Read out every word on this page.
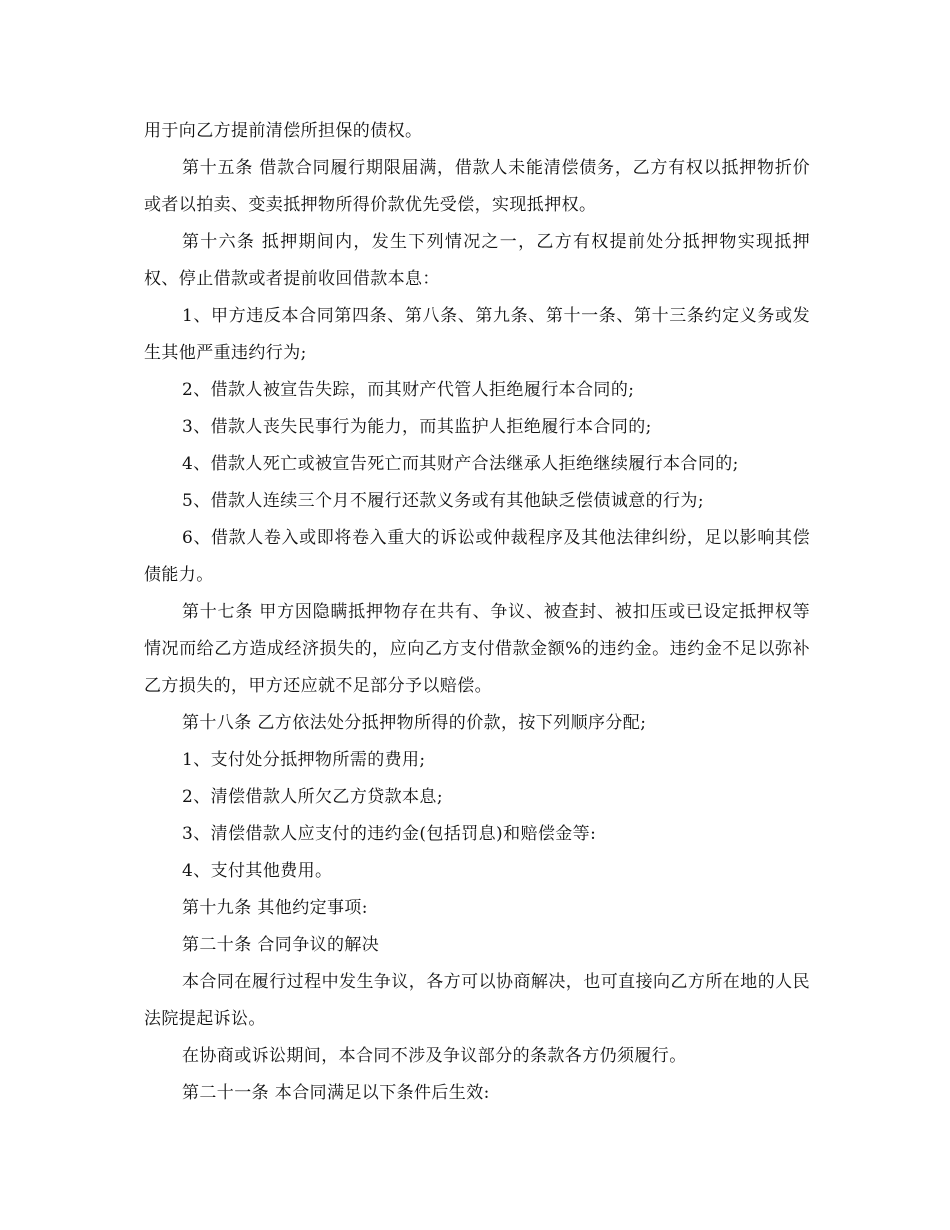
用于向乙方提前清偿所担保的债权。

第十五条 借款合同履行期限届满，借款人未能清偿债务，乙方有权以抵押物折价或者以拍卖、变卖抵押物所得价款优先受偿，实现抵押权。

第十六条 抵押期间内，发生下列情况之一，乙方有权提前处分抵押物实现抵押权、停止借款或者提前收回借款本息：

1、甲方违反本合同第四条、第八条、第九条、第十一条、第十三条约定义务或发生其他严重违约行为;

2、借款人被宣告失踪，而其财产代管人拒绝履行本合同的;

3、借款人丧失民事行为能力，而其监护人拒绝履行本合同的;

4、借款人死亡或被宣告死亡而其财产合法继承人拒绝继续履行本合同的;

5、借款人连续三个月不履行还款义务或有其他缺乏偿债诚意的行为;

6、借款人卷入或即将卷入重大的诉讼或仲裁程序及其他法律纠纷，足以影响其偿债能力。

第十七条 甲方因隐瞒抵押物存在共有、争议、被查封、被扣压或已设定抵押权等情况而给乙方造成经济损失的，应向乙方支付借款金额%的违约金。违约金不足以弥补乙方损失的，甲方还应就不足部分予以赔偿。

第十八条 乙方依法处分抵押物所得的价款，按下列顺序分配;

1、支付处分抵押物所需的费用;

2、清偿借款人所欠乙方贷款本息;

3、清偿借款人应支付的违约金(包括罚息)和赔偿金等:

4、支付其他费用。

第十九条 其他约定事项:

第二十条 合同争议的解决

本合同在履行过程中发生争议，各方可以协商解决，也可直接向乙方所在地的人民法院提起诉讼。

在协商或诉讼期间，本合同不涉及争议部分的条款各方仍须履行。

第二十一条 本合同满足以下条件后生效:
